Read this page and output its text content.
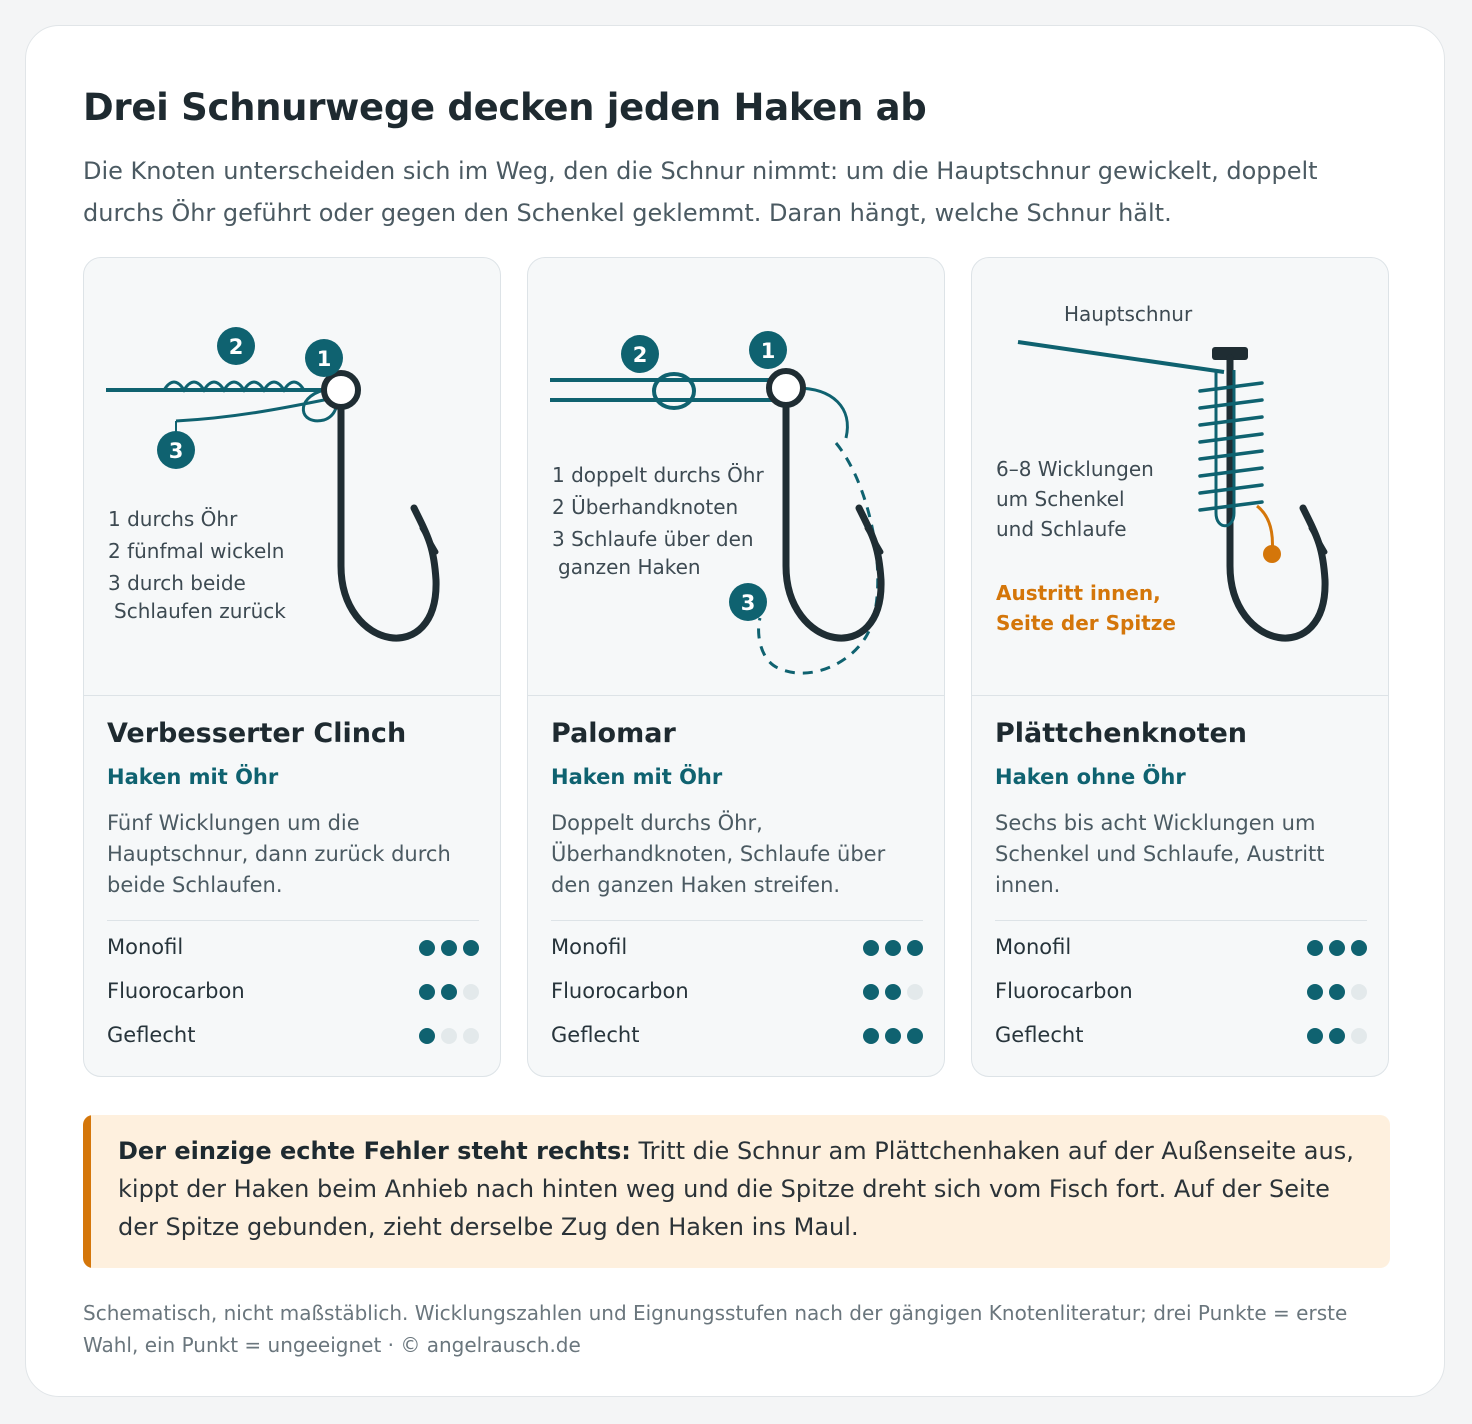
Drei Schnurwege decken jeden Haken ab

Die Knoten unterscheiden sich im Weg, den die Schnur nimmt: um die Hauptschnur gewickelt, doppelt durchs Öhr geführt oder gegen den Schenkel geklemmt. Daran hängt, welche Schnur hält.

1
2
3
1 durchs Öhr
2 fünfmal wickeln
3 durch beide
Schlaufen zurück
Verbesserter Clinch
Haken mit Öhr

Fünf Wicklungen um die Hauptschnur, dann zurück durch beide Schlaufen.

Monofil
Fluorocarbon
Geflecht
1
2
3
1 doppelt durchs Öhr
2 Überhandknoten
3 Schlaufe über den
ganzen Haken
Palomar
Haken mit Öhr

Doppelt durchs Öhr, Überhandknoten, Schlaufe über den ganzen Haken streifen.

Monofil
Fluorocarbon
Geflecht
Hauptschnur
6–8 Wicklungen
um Schenkel
und Schlaufe
Austritt innen,
Seite der Spitze
Plättchenknoten
Haken ohne Öhr

Sechs bis acht Wicklungen um Schenkel und Schlaufe, Austritt innen.

Monofil
Fluorocarbon
Geflecht

Der einzige echte Fehler steht rechts: Tritt die Schnur am Plättchenhaken auf der Außenseite aus, kippt der Haken beim Anhieb nach hinten weg und die Spitze dreht sich vom Fisch fort. Auf der Seite der Spitze gebunden, zieht derselbe Zug den Haken ins Maul.

Schematisch, nicht maßstäblich. Wicklungszahlen und Eignungsstufen nach der gängigen Knotenliteratur; drei Punkte = erste Wahl, ein Punkt = ungeeignet · © angelrausch.de
